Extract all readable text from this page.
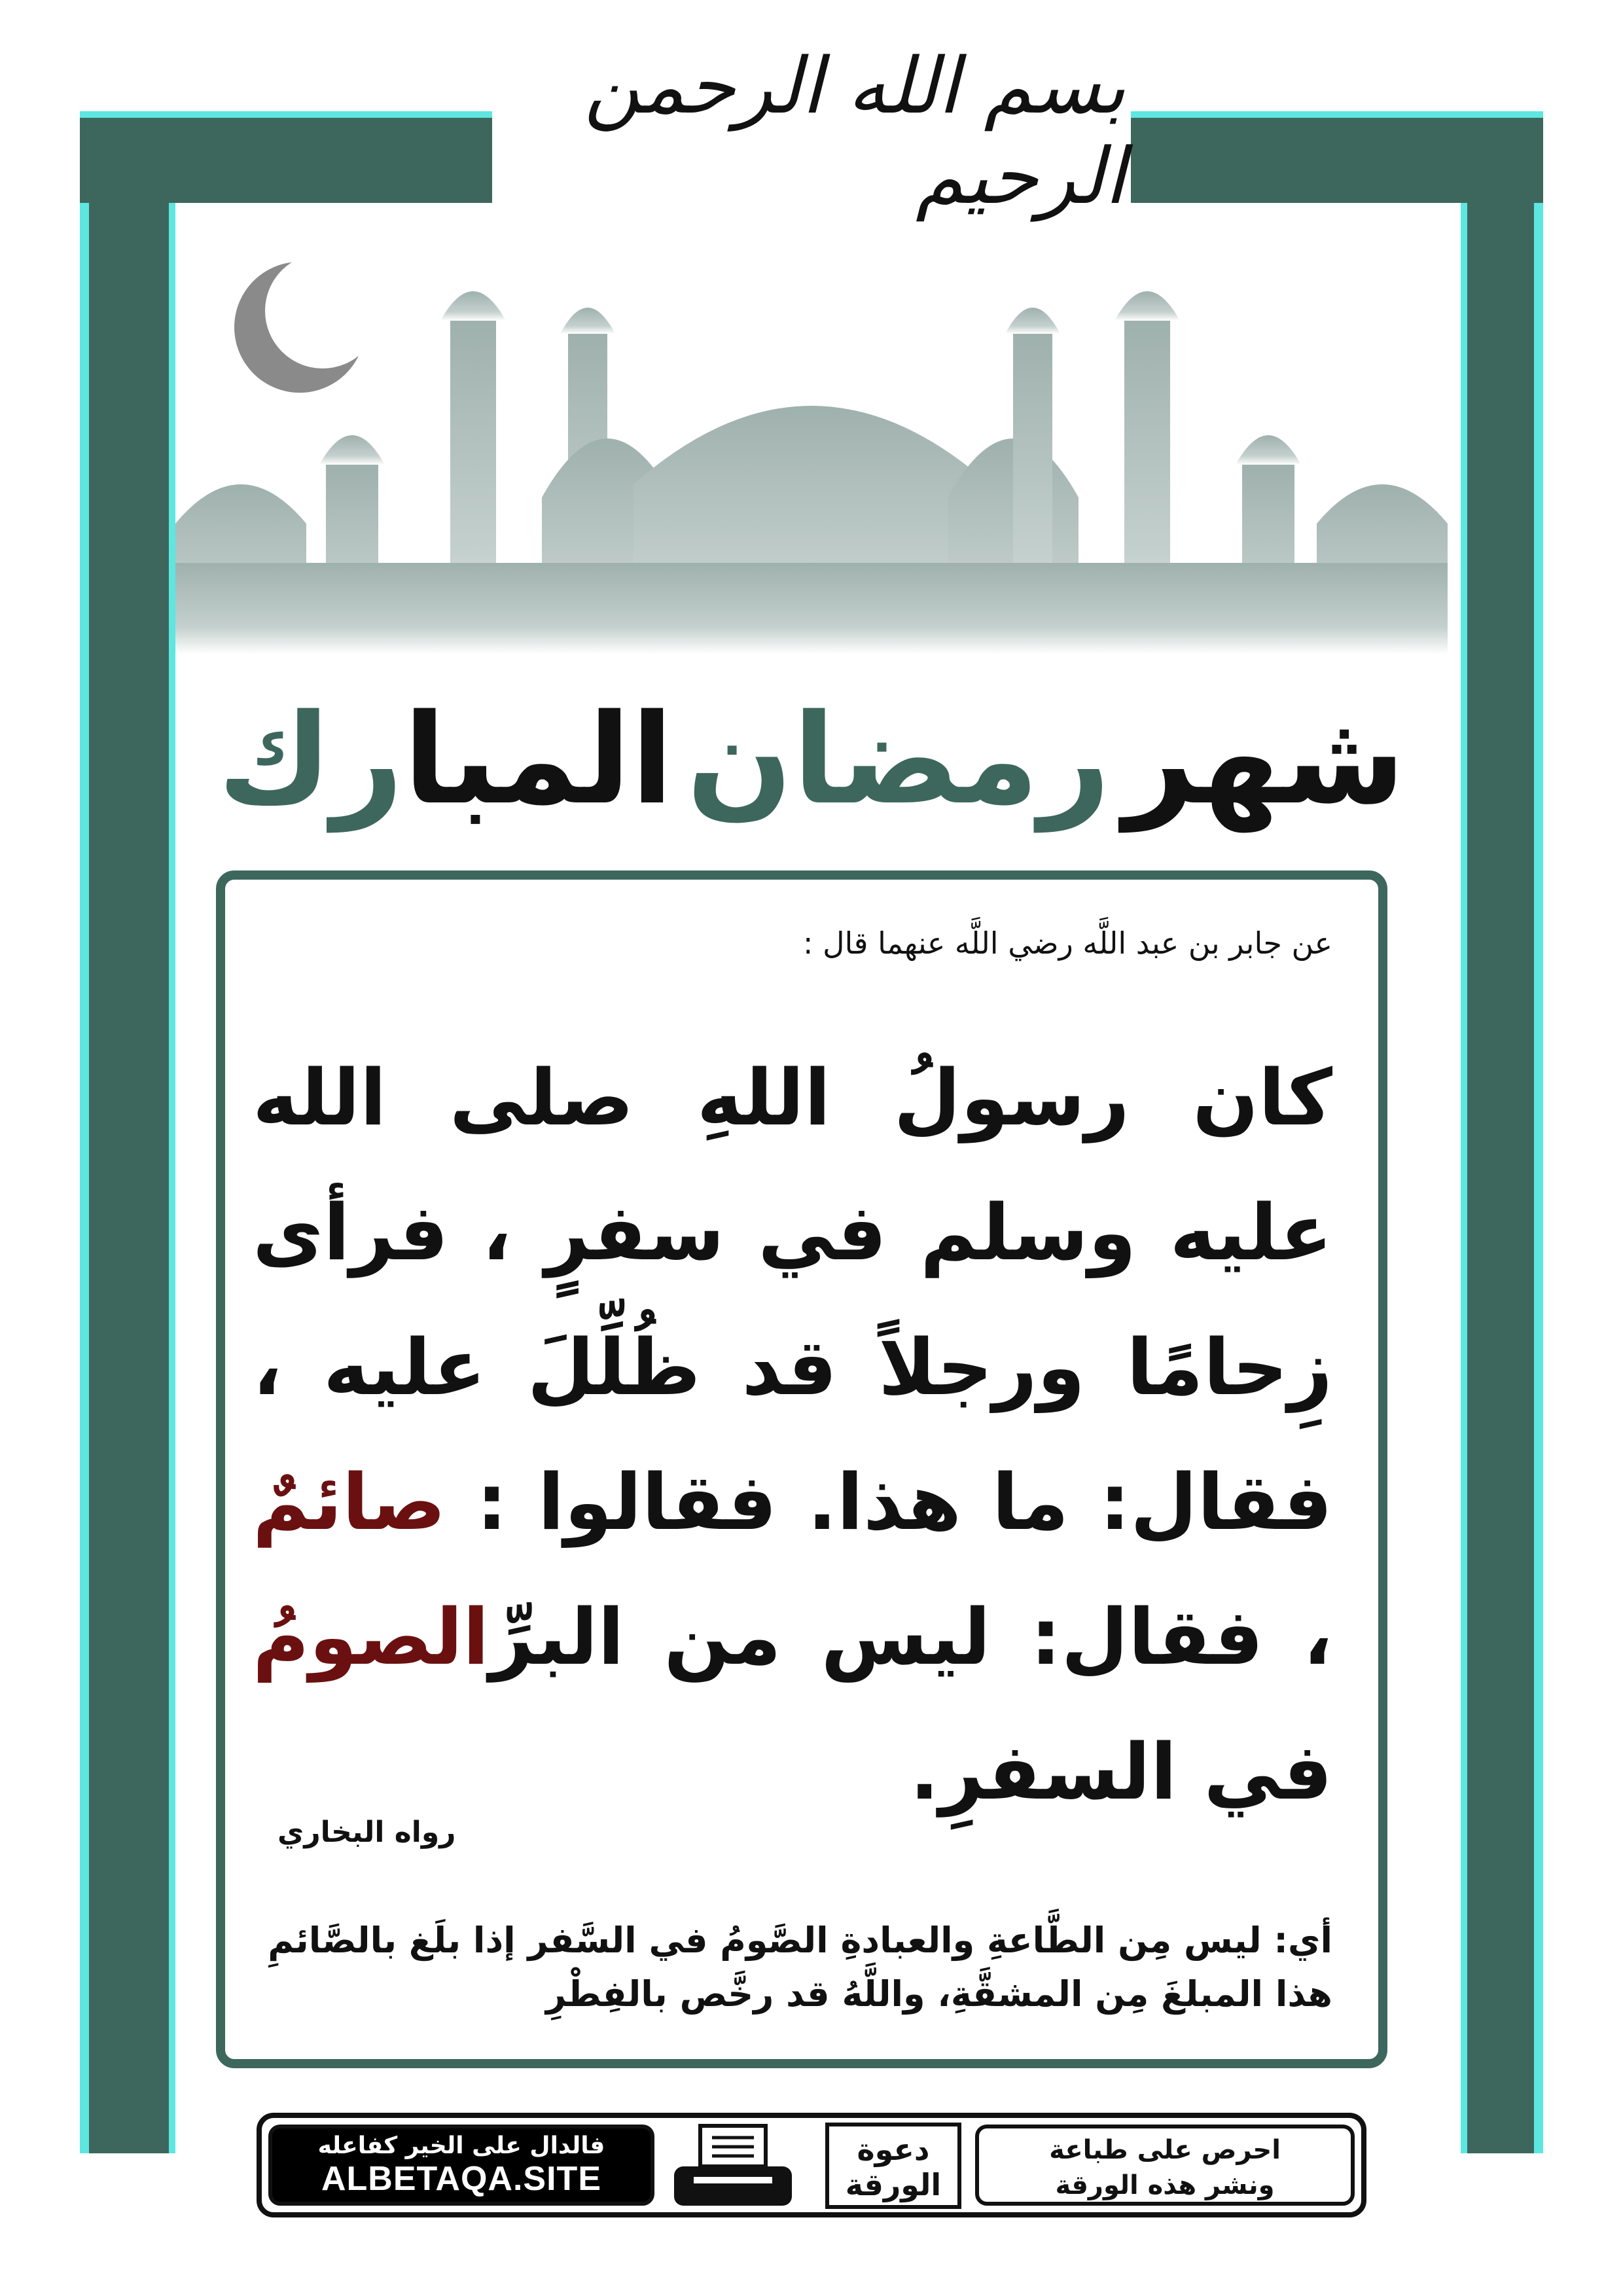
بسم الله الرحمن الرحيم
شهر
رمضان
المبا
رك
عن جابر بن عبد اللَّه رضي اللَّه عنهما قال :
كان رسولُ اللهِ صلى الله عليه وسلم في سفرٍ ، فرأى زِحامًا ورجلاً قد ظُلِّلَ عليه ، فقال: ما هذا. فقالوا : صائمٌ ، فقال: ليس من البرِّالصومُ في السفرِ.
رواه البخاري
أي: ليس مِن الطَّاعةِ والعبادةِ الصَّومُ في السَّفر إذا بلَغ بالصَّائمِ هذا المبلغَ مِن المشقَّةِ، واللَّهُ قد رخَّص بالفِطْرِ
فالدال على الخير كفاعله
ALBETAQA.SITE
دعوة
الورقة
احرص على طباعة
ونشر هذه الورقة
